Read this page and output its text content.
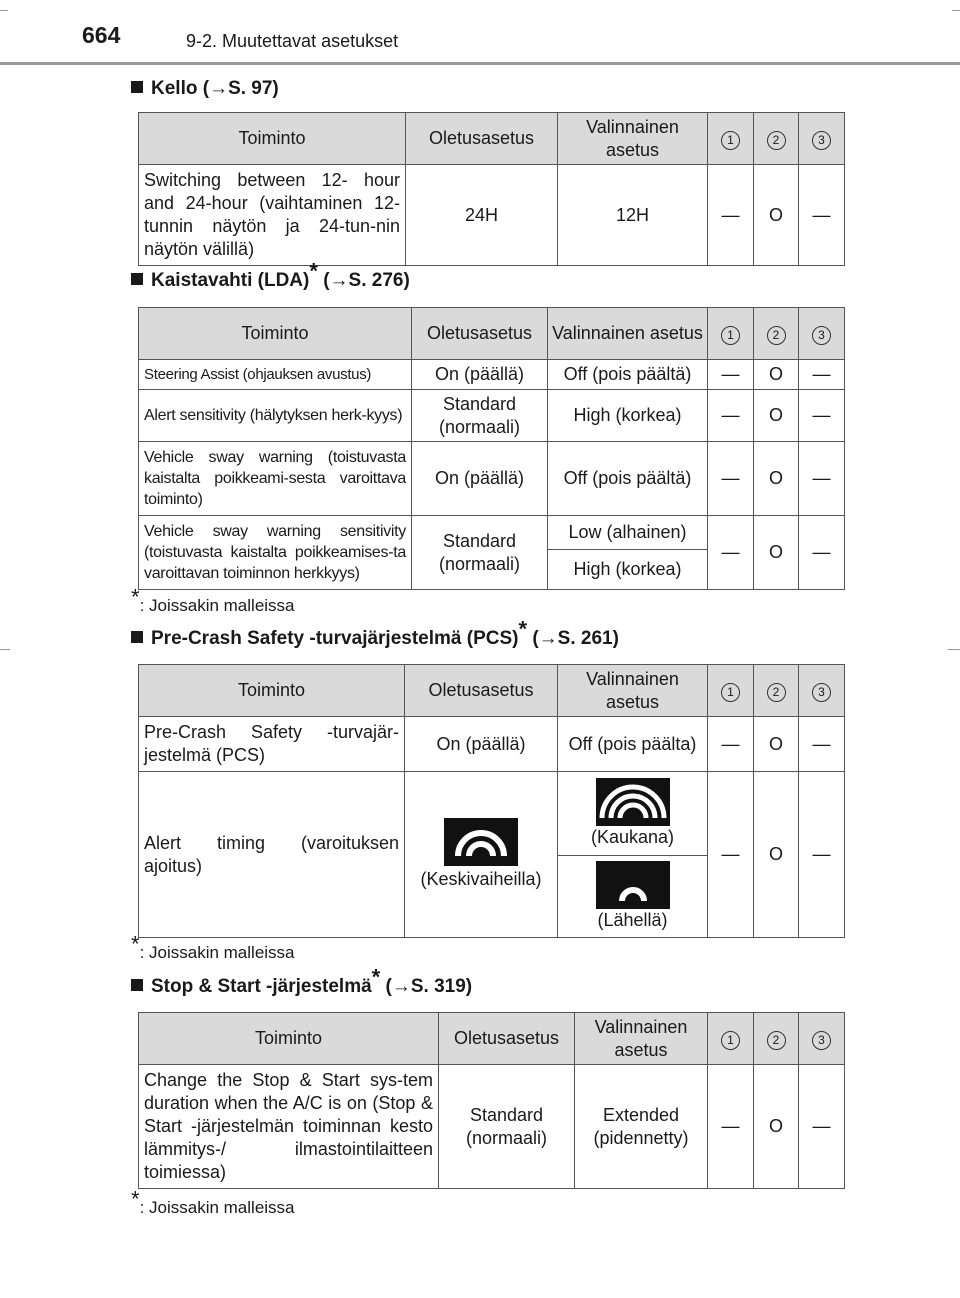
664	9-2. Muutettavat asetukset
Kello (→S. 97)
Toiminto	Oletusasetus	Valinnainen asetus	1	2	3
Switching between 12- hour and 24-hour (vaihtaminen 12-tunnin näytön ja 24-tun-nin näytön välillä)	24H	12H	—	O	—
Kaistavahti (LDA)* (→S. 276)
Toiminto	Oletusasetus	Valinnainen asetus	1	2	3
Steering Assist (ohjauksen avustus)	On (päällä)	Off (pois päältä)	—	O	—
Alert sensitivity (hälytyksen herk-kyys)	Standard (normaali)	High (korkea)	—	O	—
Vehicle sway warning (toistuvasta kaistalta poikkeami-sesta varoittava toiminto)	On (päällä)	Off (pois päältä)	—	O	—
Vehicle sway warning sensitivity (toistuvasta kaistalta poikkeamises-ta varoittavan toiminnon herkkyys)	Standard (normaali)	Low (alhainen)	—	O	—
		High (korkea)			
*: Joissakin malleissa
Pre-Crash Safety -turvajärjestelmä (PCS)* (→S. 261)
Toiminto	Oletusasetus	Valinnainen asetus	1	2	3
Pre-Crash Safety -turvajär-jestelmä (PCS)	On (päällä)	Off (pois päälta)	—	O	—
Alert timing (varoituksen ajoitus)	(Keskivaiheilla)	(Kaukana)	—	O	—

		(Lähellä)			
*: Joissakin malleissa
Stop & Start -järjestelmä* (→S. 319)
Toiminto	Oletusasetus	Valinnainen asetus	1	2	3
Change the Stop & Start sys-tem duration when the A/C is on (Stop & Start -järjestelmän toiminnan kesto lämmitys-/ ilmastointilaitteen toimiessa)	Standard (normaali)	Extended (pidennetty)	—	O	—
*: Joissakin malleissa
